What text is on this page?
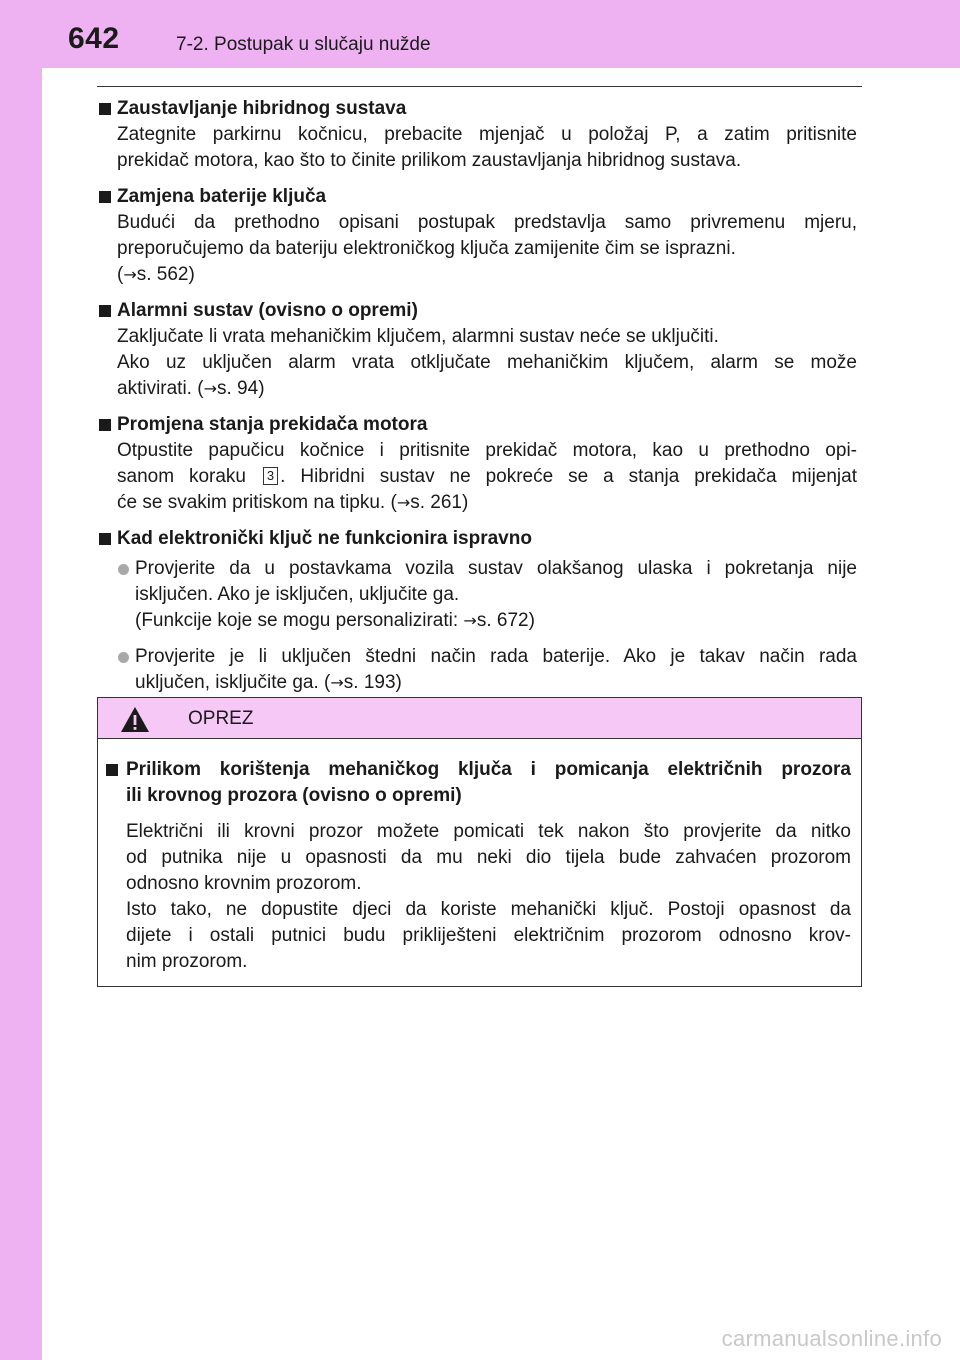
642	7-2. Postupak u slučaju nužde
Zaustavljanje hibridnog sustava
Zategnite parkirnu kočnicu, prebacite mjenjač u položaj P, a zatim pritisnite
prekidač motora, kao što to činite prilikom zaustavljanja hibridnog sustava.
Zamjena baterije ključa
Budući da prethodno opisani postupak predstavlja samo privremenu mjeru,
preporučujemo da bateriju elektroničkog ključa zamijenite čim se isprazni.
(→s. 562)
Alarmni sustav (ovisno o opremi)
Zaključate li vrata mehaničkim ključem, alarmni sustav neće se uključiti.
Ako uz uključen alarm vrata otključate mehaničkim ključem, alarm se može
aktivirati. (→s. 94)
Promjena stanja prekidača motora
Otpustite papučicu kočnice i pritisnite prekidač motora, kao u prethodno opi-
sanom koraku 3 . Hibridni sustav ne pokreće se a stanja prekidača mijenjat
će se svakim pritiskom na tipku. (→s. 261)
Kad elektronički ključ ne funkcionira ispravno
Provjerite da u postavkama vozila sustav olakšanog ulaska i pokretanja nije
isključen. Ako je isključen, uključite ga.
(Funkcije koje se mogu personalizirati: →s. 672)
Provjerite je li uključen štedni način rada baterije. Ako je takav način rada
uključen, isključite ga. (→s. 193)
OPREZ
Prilikom korištenja mehaničkog ključa i pomicanja električnih prozora
ili krovnog prozora (ovisno o opremi)
Električni ili krovni prozor možete pomicati tek nakon što provjerite da nitko
od putnika nije u opasnosti da mu neki dio tijela bude zahvaćen prozorom
odnosno krovnim prozorom.
Isto tako, ne dopustite djeci da koriste mehanički ključ. Postoji opasnost da
dijete i ostali putnici budu prikliješteni električnim prozorom odnosno krov-
nim prozorom.
carmanualsonline.info
